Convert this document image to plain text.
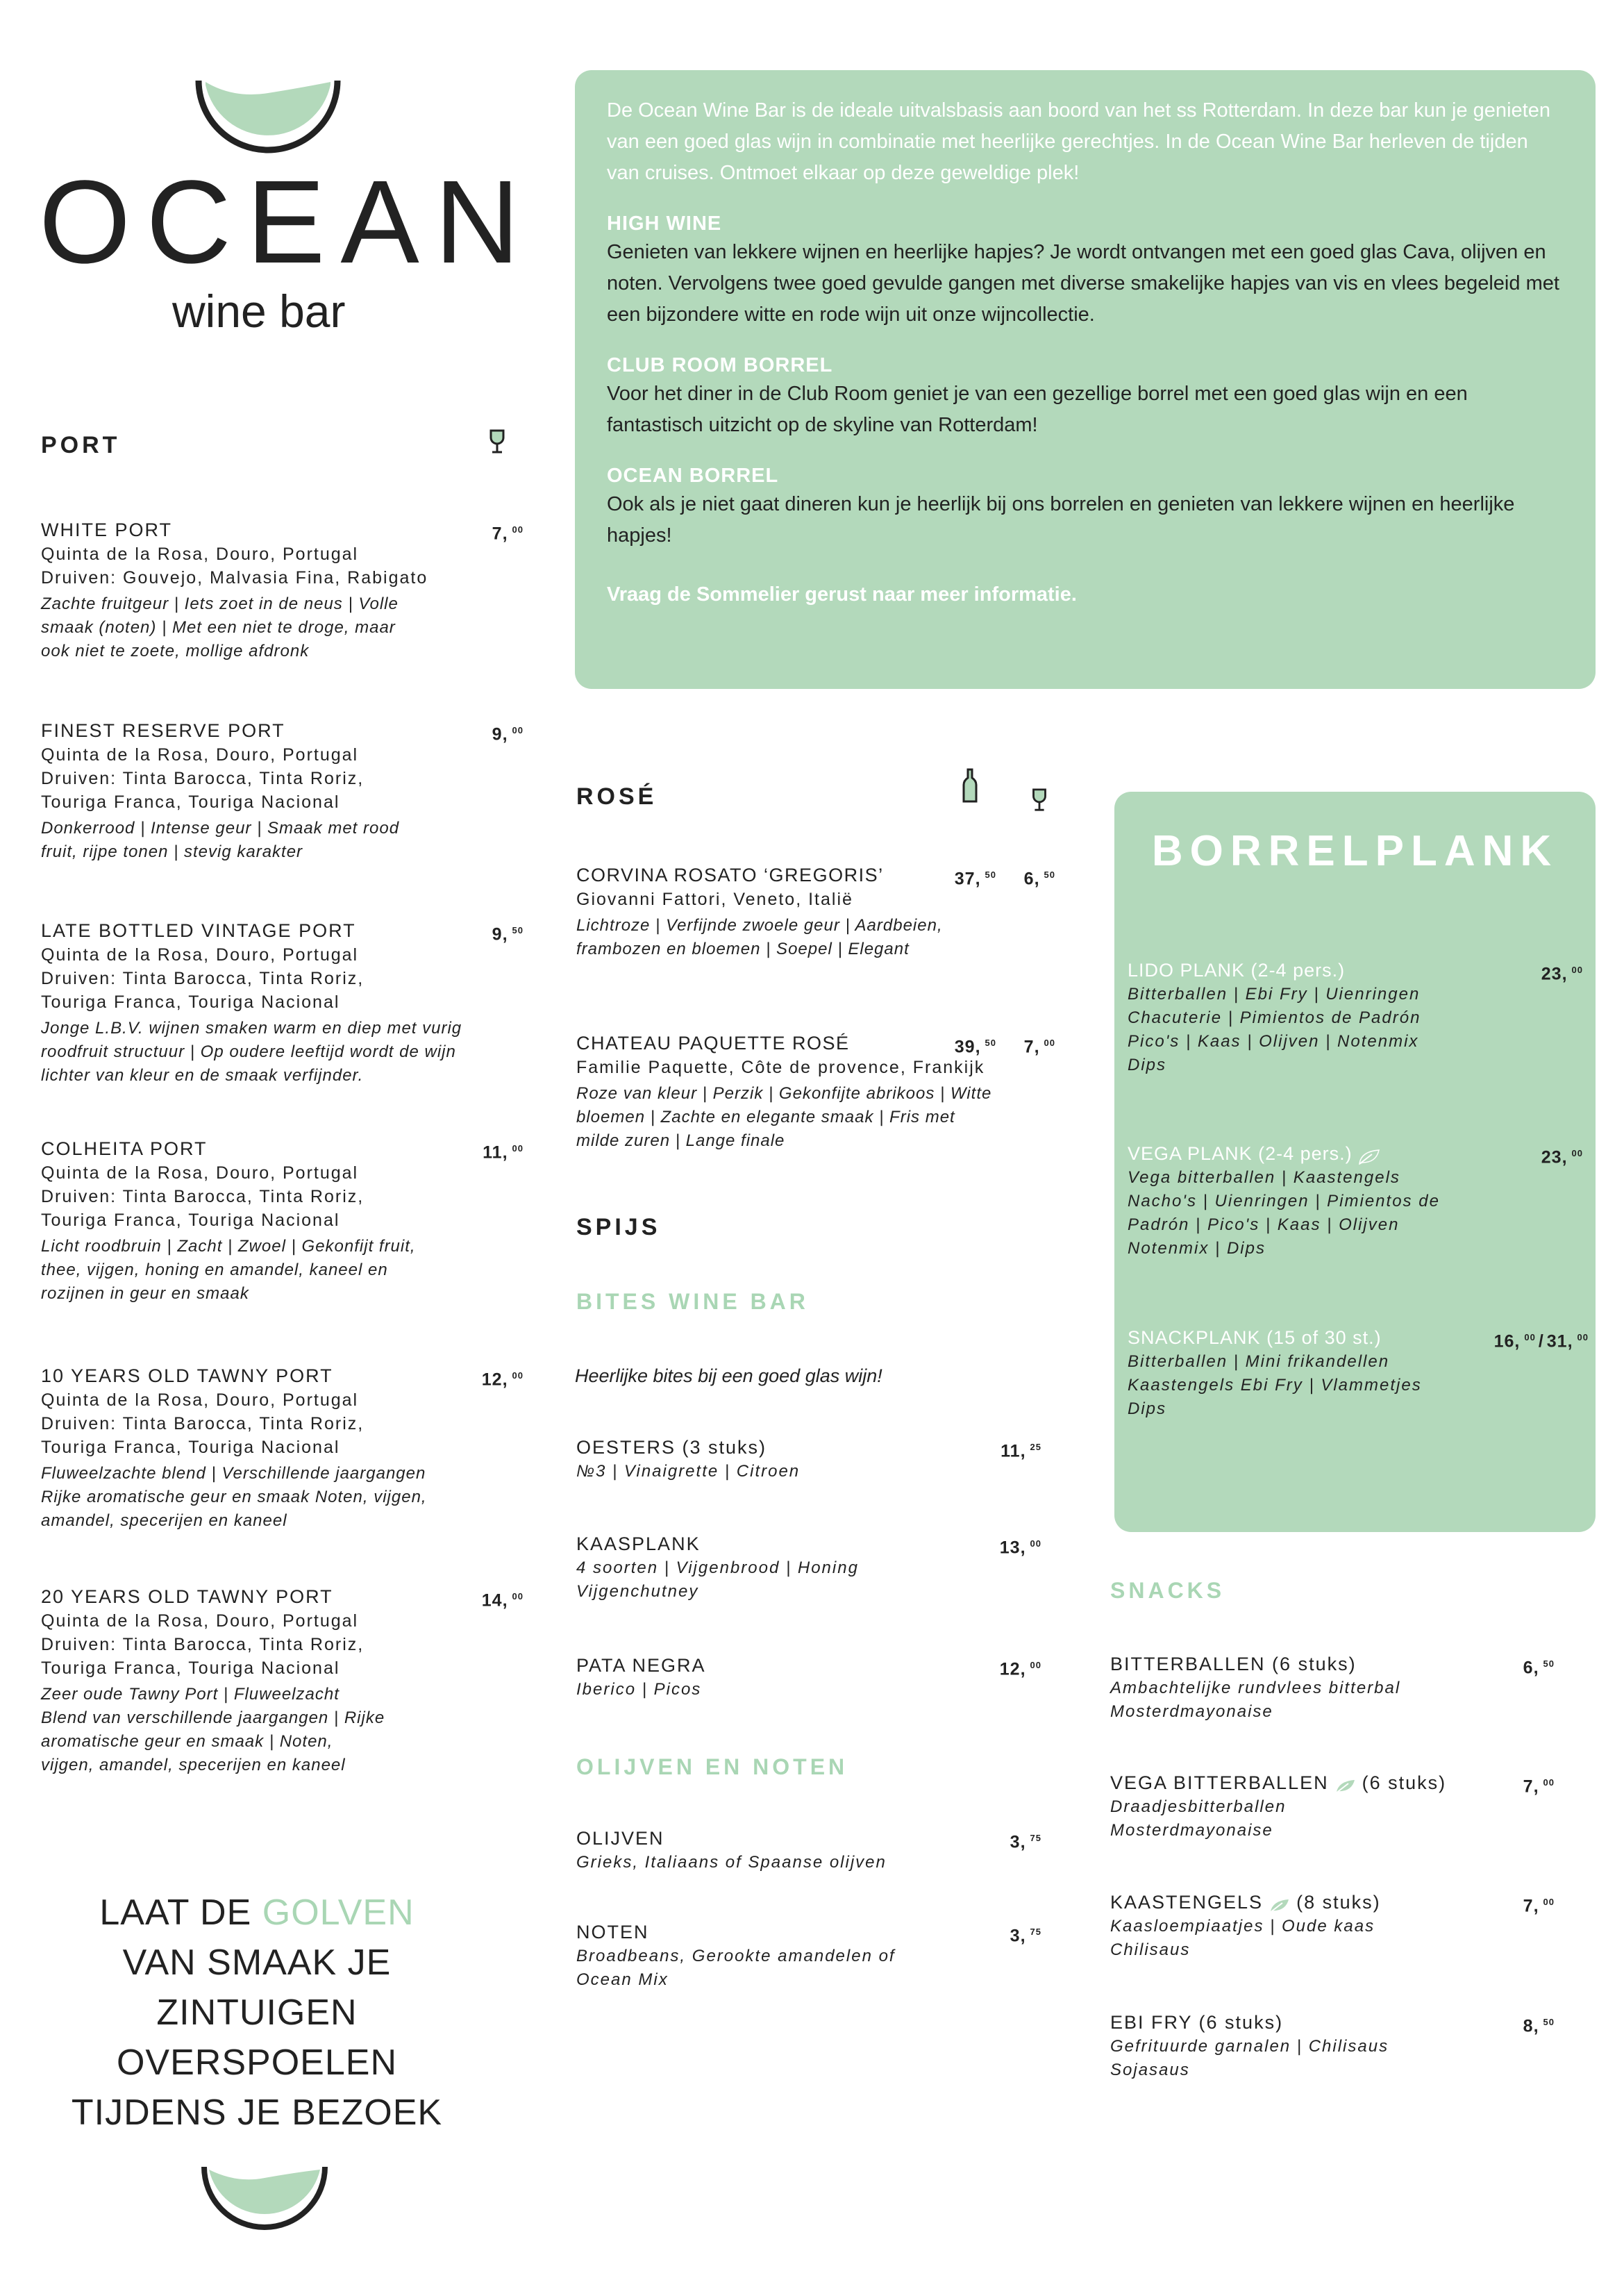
OCEAN
wine bar

De Ocean Wine Bar is de ideale uitvalsbasis aan boord van het ss Rotterdam. In deze bar kun je genieten van een goed glas wijn in combinatie met heerlijke gerechtjes. In de Ocean Wine Bar herleven de tijden van cruises. Ontmoet elkaar op deze geweldige plek!

HIGH WINE

Genieten van lekkere wijnen en heerlijke hapjes? Je wordt ontvangen met een goed glas Cava, olijven en noten. Vervolgens twee goed gevulde gangen met diverse smakelijke hapjes van vis en vlees begeleid met een bijzondere witte en rode wijn uit onze wijncollectie.

CLUB ROOM BORREL

Voor het diner in de Club Room geniet je van een gezellige borrel met een goed glas wijn en een fantastisch uitzicht op de skyline van Rotterdam!

OCEAN BORREL

Ook als je niet gaat dineren kun je heerlijk bij ons borrelen en genieten van lekkere wijnen en heerlijke hapjes!

Vraag de Sommelier gerust naar meer informatie.

PORT
WHITE PORT	7, $^{00}$
Quinta de la Rosa, Douro, Portugal
Druiven: Gouvejo, Malvasia Fina, Rabigato
Zachte fruitgeur | Iets zoet in de neus | Volle
smaak (noten) | Met een niet te droge, maar
ook niet te zoete, mollige afdronk
FINEST RESERVE PORT	9, $^{00}$
Quinta de la Rosa, Douro, Portugal
Druiven: Tinta Barocca, Tinta Roriz,
Touriga Franca, Touriga Nacional
Donkerrood | Intense geur | Smaak met rood
fruit, rijpe tonen | stevig karakter
LATE BOTTLED VINTAGE PORT	9, $^{50}$
Quinta de la Rosa, Douro, Portugal
Druiven: Tinta Barocca, Tinta Roriz,
Touriga Franca, Touriga Nacional
Jonge L.B.V. wijnen smaken warm en diep met vurig
roodfruit structuur | Op oudere leeftijd wordt de wijn
lichter van kleur en de smaak verfijnder.
COLHEITA PORT	11, $^{00}$
Quinta de la Rosa, Douro, Portugal
Druiven: Tinta Barocca, Tinta Roriz,
Touriga Franca, Touriga Nacional
Licht roodbruin | Zacht | Zwoel | Gekonfijt fruit,
thee, vijgen, honing en amandel, kaneel en
rozijnen in geur en smaak
10 YEARS OLD TAWNY PORT	12, $^{00}$
Quinta de la Rosa, Douro, Portugal
Druiven: Tinta Barocca, Tinta Roriz,
Touriga Franca, Touriga Nacional
Fluweelzachte blend | Verschillende jaargangen
Rijke aromatische geur en smaak Noten, vijgen,
amandel, specerijen en kaneel
20 YEARS OLD TAWNY PORT	14, $^{00}$
Quinta de la Rosa, Douro, Portugal
Druiven: Tinta Barocca, Tinta Roriz,
Touriga Franca, Touriga Nacional
Zeer oude Tawny Port | Fluweelzacht
Blend van verschillende jaargangen | Rijke
aromatische geur en smaak | Noten,
vijgen, amandel, specerijen en kaneel
LAAT DE GOLVEN
VAN SMAAK JE
ZINTUIGEN
OVERSPOELEN
TIJDENS JE BEZOEK
ROSÉ
CORVINA ROSATO ‘GREGORIS’	37, $^{50}$ 6, $^{50}$
Giovanni Fattori, Veneto, Italië
Lichtroze | Verfijnde zwoele geur | Aardbeien,
frambozen en bloemen | Soepel | Elegant
CHATEAU PAQUETTE ROSÉ	39, $^{50}$ 7, $^{00}$
Familie Paquette, Côte de provence, Frankijk
Roze van kleur | Perzik | Gekonfijte abrikoos | Witte
bloemen | Zachte en elegante smaak | Fris met
milde zuren | Lange finale
SPIJS
BITES WINE BAR
Heerlijke bites bij een goed glas wijn!
OESTERS (3 stuks)	11, $^{25}$
№3 | Vinaigrette | Citroen
KAASPLANK	13, $^{00}$
4 soorten | Vijgenbrood | Honing
Vijgenchutney
PATA NEGRA	12, $^{00}$
Iberico | Picos
OLIJVEN EN NOTEN
OLIJVEN	3, $^{75}$
Grieks, Italiaans of Spaanse olijven
NOTEN	3, $^{75}$
Broadbeans, Gerookte amandelen of
Ocean Mix
BORRELPLANK
LIDO PLANK (2-4 pers.)	23, $^{00}$
Bitterballen | Ebi Fry | Uienringen
Chacuterie | Pimientos de Padrón
Pico's | Kaas | Olijven | Notenmix
Dips
VEGA PLANK (2-4 pers.)	23, $^{00}$
Vega bitterballen | Kaastengels
Nacho's | Uienringen | Pimientos de
Padrón | Pico's | Kaas | Olijven
Notenmix | Dips
SNACKPLANK (15 of 30 st.)	16, $^{00}$ / 31, $^{00}$
Bitterballen | Mini frikandellen
Kaastengels Ebi Fry | Vlammetjes
Dips
SNACKS
BITTERBALLEN (6 stuks)	6, $^{50}$
Ambachtelijke rundvlees bitterbal
Mosterdmayonaise
VEGA BITTERBALLEN (6 stuks)	7, $^{00}$
Draadjesbitterballen
Mosterdmayonaise
KAASTENGELS (8 stuks)	7, $^{00}$
Kaasloempiaatjes | Oude kaas
Chilisaus
EBI FRY (6 stuks)	8, $^{50}$
Gefrituurde garnalen | Chilisaus
Sojasaus
